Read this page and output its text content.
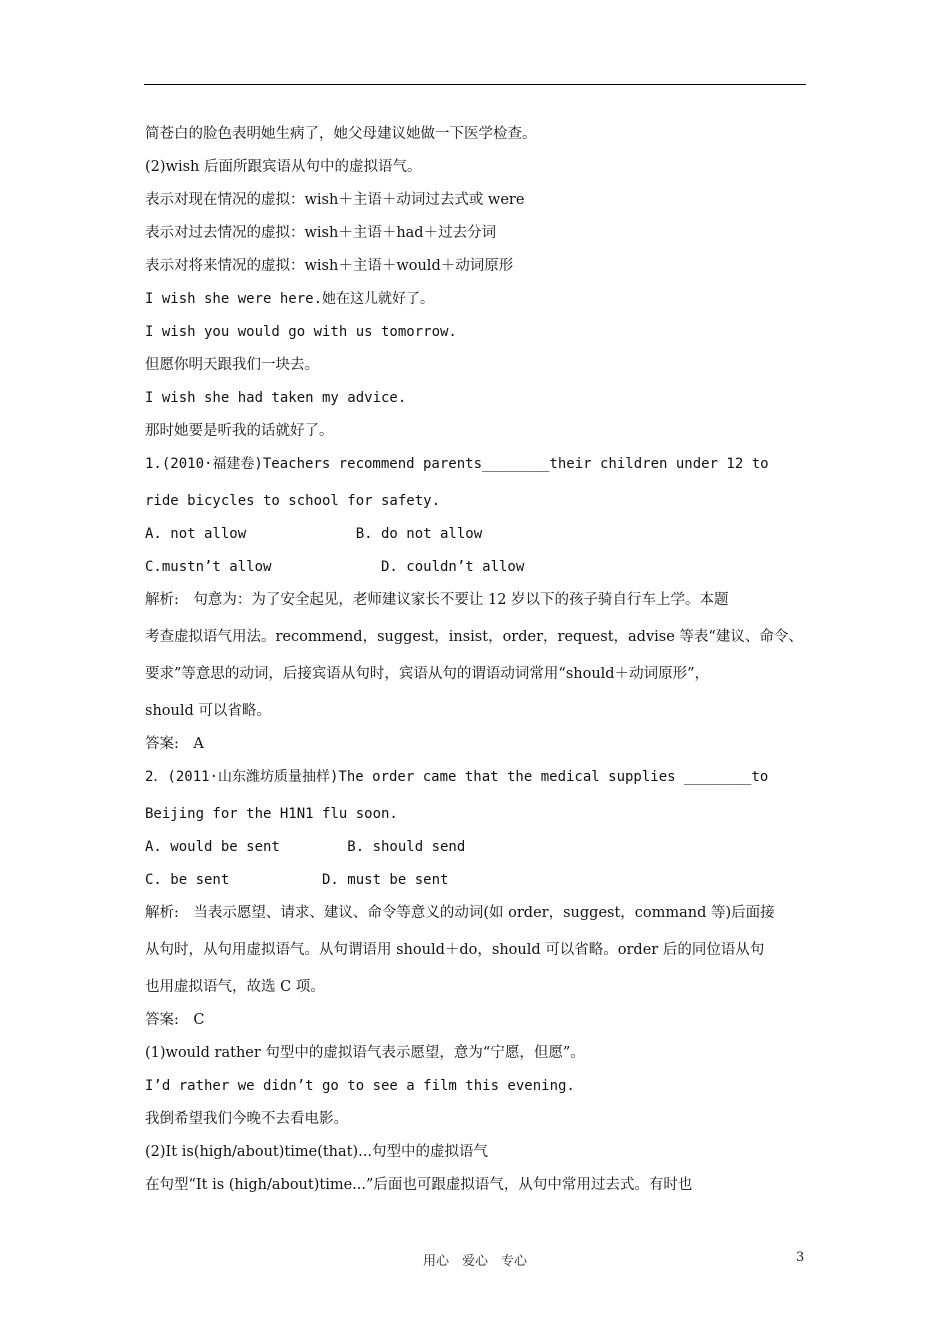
简苍白的脸色表明她生病了，她父母建议她做一下医学检查。

(2)wish 后面所跟宾语从句中的虚拟语气。

表示对现在情况的虚拟：wish＋主语＋动词过去式或 were

表示对过去情况的虚拟：wish＋主语＋had＋过去分词

表示对将来情况的虚拟：wish＋主语＋would＋动词原形

I wish she were here.她在这儿就好了。

I wish you would go with us tomorrow.

但愿你明天跟我们一块去。

I wish she had taken my advice.

那时她要是听我的话就好了。

1.(2010·福建卷)Teachers recommend parents________their children under 12 to

ride bicycles to school for safety.

A. not allow             B. do not allow

C.mustn’t allow             D. couldn’t allow

解析:　句意为：为了安全起见，老师建议家长不要让 12 岁以下的孩子骑自行车上学。本题

考查虚拟语气用法。recommend，suggest，insist，order，request，advise 等表“建议、命令、

要求”等意思的动词，后接宾语从句时，宾语从句的谓语动词常用“should＋动词原形”，

should 可以省略。

答案:　A

2．(2011·山东潍坊质量抽样)The order came that the medical supplies ________to

Beijing for the H1N1 flu soon.

A. would be sent        B. should send

C. be sent           D. must be sent

解析:　当表示愿望、请求、建议、命令等意义的动词(如 order，suggest，command 等)后面接

从句时，从句用虚拟语气。从句谓语用 should＋do，should 可以省略。order 后的同位语从句

也用虚拟语气，故选 C 项。

答案:　C

(1)would rather 句型中的虚拟语气表示愿望，意为“宁愿，但愿”。

I’d rather we didn’t go to see a film this evening.

我倒希望我们今晚不去看电影。

(2)It is(high/about)time(that)...句型中的虚拟语气

在句型“It is (high/about)time...”后面也可跟虚拟语气，从句中常用过去式。有时也

用心　爱心　专心	3
